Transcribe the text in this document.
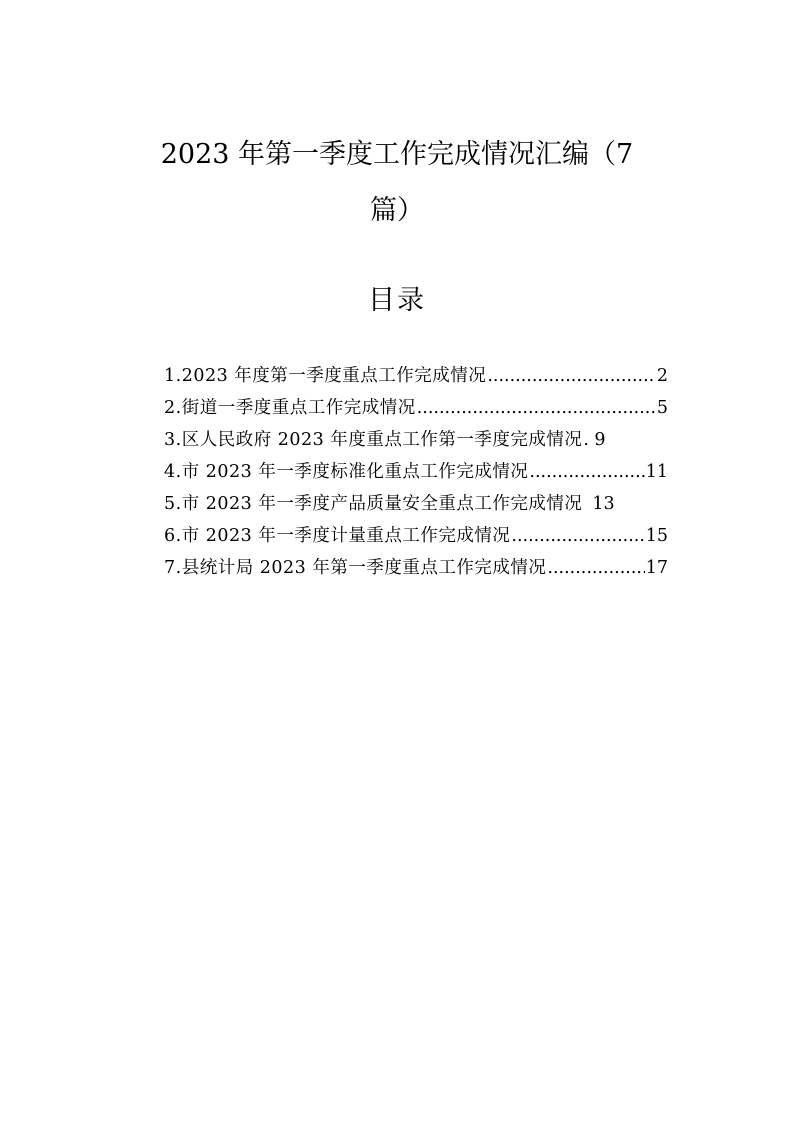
2023 年第一季度工作完成情况汇编（7
篇）
目录
1. 2023 年度第一季度重点工作完成情况 .....	2
2. 街道一季度重点工作完成情况 .....	5
3. 区人民政府 2023 年度重点工作第一季度完成情况 . 9
4. 市 2023 年一季度标准化重点工作完成情况 .....	11
5. 市 2023 年一季度产品质量安全重点工作完成情况 13
6. 市 2023 年一季度计量重点工作完成情况 .....	15
7. 县统计局 2023 年第一季度重点工作完成情况 .....	17
